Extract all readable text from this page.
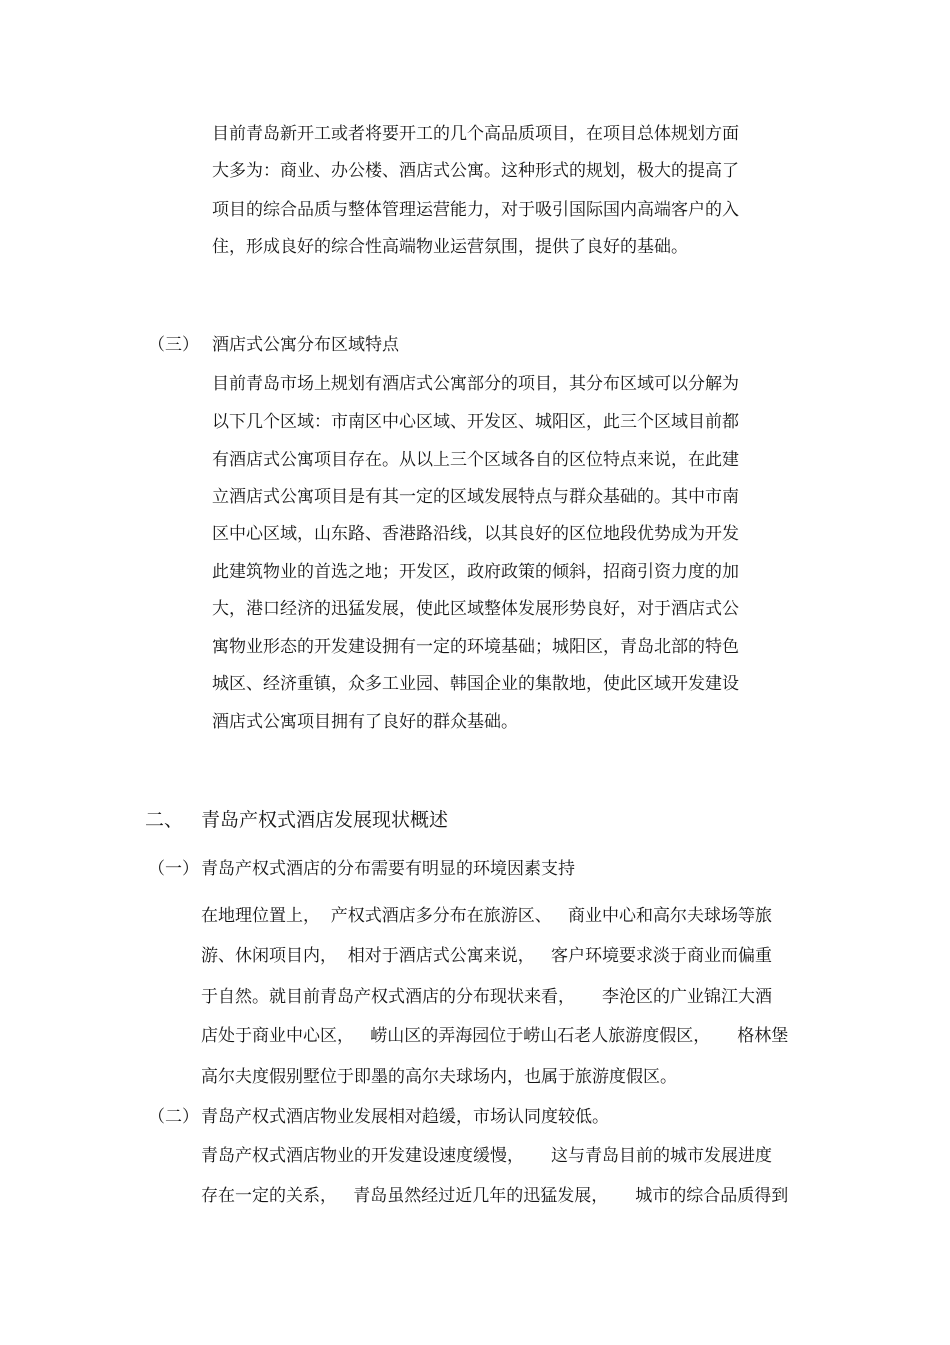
目前青岛新开工或者将要开工的几个高品质项目，在项目总体规划方面
大多为：商业、办公楼、酒店式公寓。这种形式的规划，极大的提高了
项目的综合品质与整体管理运营能力，对于吸引国际国内高端客户的入
住，形成良好的综合性高端物业运营氛围，提供了良好的基础。
（三） 酒店式公寓分布区域特点
目前青岛市场上规划有酒店式公寓部分的项目，其分布区域可以分解为
以下几个区域：市南区中心区域、开发区、城阳区，此三个区域目前都
有酒店式公寓项目存在。从以上三个区域各自的区位特点来说，在此建
立酒店式公寓项目是有其一定的区域发展特点与群众基础的。其中市南
区中心区域，山东路、香港路沿线，以其良好的区位地段优势成为开发
此建筑物业的首选之地；开发区，政府政策的倾斜，招商引资力度的加
大，港口经济的迅猛发展，使此区域整体发展形势良好，对于酒店式公
寓物业形态的开发建设拥有一定的环境基础；城阳区，青岛北部的特色
城区、经济重镇，众多工业园、韩国企业的集散地，使此区域开发建设
酒店式公寓项目拥有了良好的群众基础。
二、 青岛产权式酒店发展现状概述
（一） 青岛产权式酒店的分布需要有明显的环境因素支持
在地理位置上，  产权式酒店多分布在旅游区、   商业中心和高尔夫球场等旅
游、休闲项目内，  相对于酒店式公寓来说，   客户环境要求淡于商业而偏重
于自然。就目前青岛产权式酒店的分布现状来看，     李沧区的广业锦江大酒
店处于商业中心区，   崂山区的弄海园位于崂山石老人旅游度假区，     格林堡
高尔夫度假别墅位于即墨的高尔夫球场内，也属于旅游度假区。
（二） 青岛产权式酒店物业发展相对趋缓，市场认同度较低。
青岛产权式酒店物业的开发建设速度缓慢，     这与青岛目前的城市发展进度
存在一定的关系，   青岛虽然经过近几年的迅猛发展，     城市的综合品质得到
